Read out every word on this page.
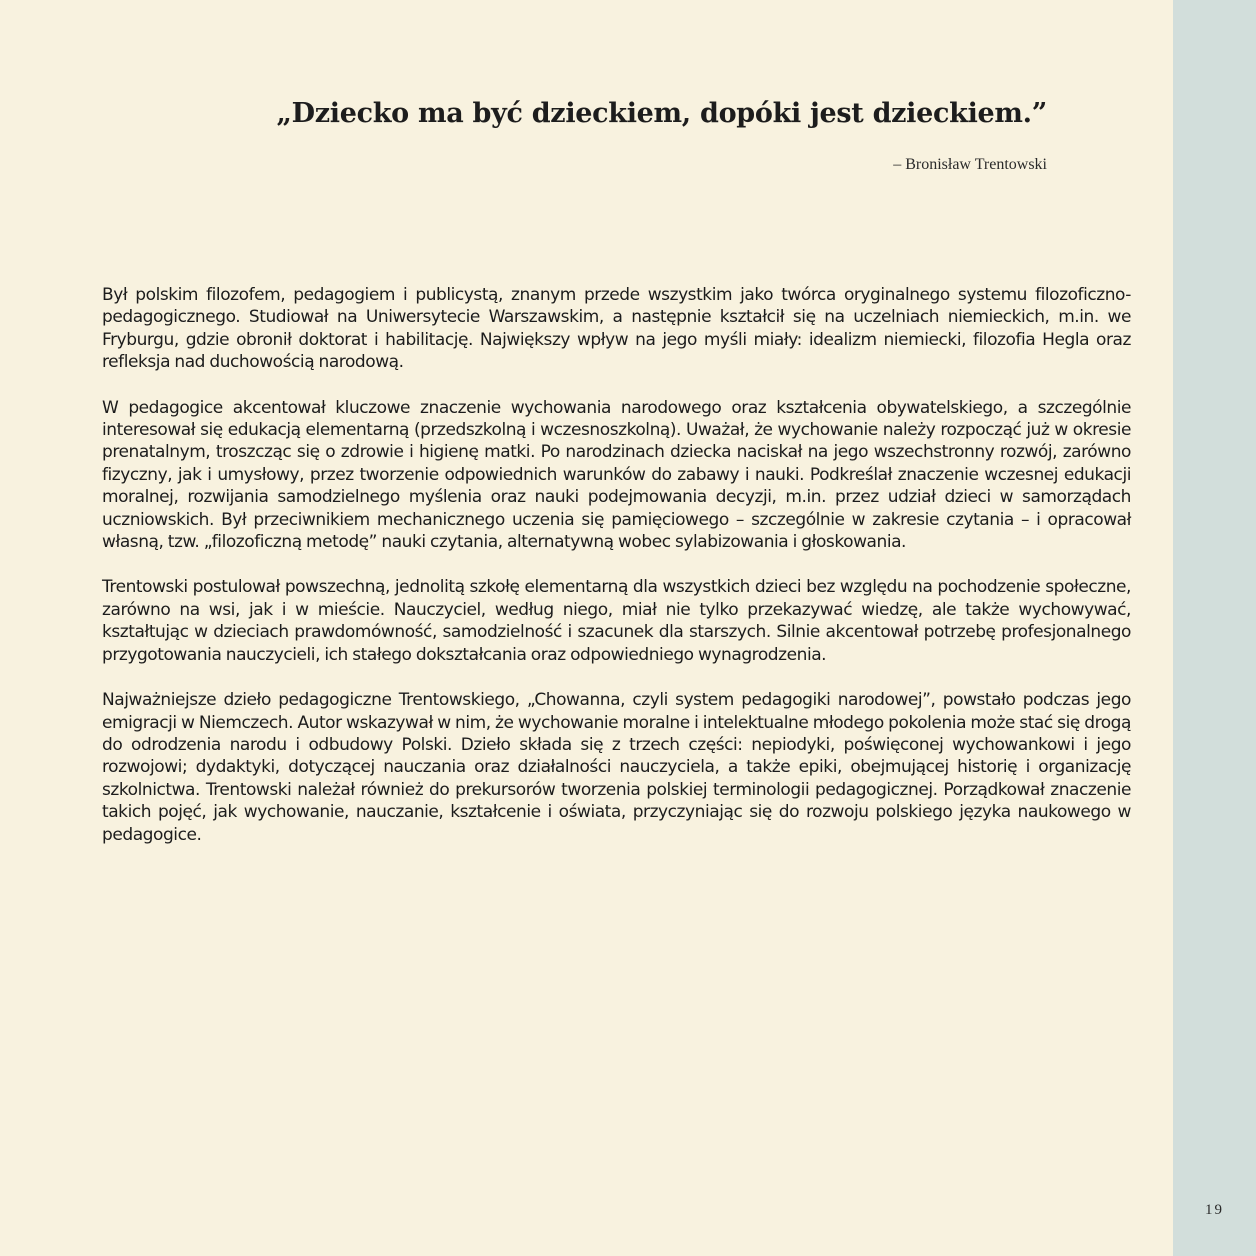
„Dziecko ma być dzieckiem, dopóki jest dzieckiem.”

– Bronisław Trentowski

Był polskim filozofem, pedagogiem i publicystą, znanym przede wszystkim jako twórca oryginalnego systemu filozoficzno-pedagogicznego. Studiował na Uniwersytecie Warszawskim, a następnie kształcił się na uczelniach niemieckich, m.in. we Fryburgu, gdzie obronił doktorat i habilitację. Największy wpływ na jego myśli miały: idealizm niemiecki, filozofia Hegla oraz refleksja nad duchowością narodową.

W pedagogice akcentował kluczowe znaczenie wychowania narodowego oraz kształcenia obywatelskiego, a szczególnie interesował się edukacją elementarną (przedszkolną i wczesnoszkolną). Uważał, że wychowanie należy rozpocząć już w okresie prenatalnym, troszcząc się o zdrowie i higienę matki. Po narodzinach dziecka naciskał na jego wszechstronny rozwój, zarówno fizyczny, jak i umysłowy, przez tworzenie odpowiednich warunków do zabawy i nauki. Podkreślał znaczenie wczesnej edukacji moralnej, rozwijania samodzielnego myślenia oraz nauki podejmowania decyzji, m.in. przez udział dzieci w samorządach uczniowskich. Był przeciwnikiem mechanicznego uczenia się pamięciowego – szczególnie w zakresie czytania – i opracował własną, tzw. „filozoficzną metodę” nauki czytania, alternatywną wobec sylabizowania i głoskowania.

Trentowski postulował powszechną, jednolitą szkołę elementarną dla wszystkich dzieci bez względu na pochodzenie społeczne, zarówno na wsi, jak i w mieście. Nauczyciel, według niego, miał nie tylko przekazywać wiedzę, ale także wychowywać, kształtując w dzieciach prawdomówność, samodzielność i szacunek dla starszych. Silnie akcentował potrzebę profesjonalnego przygotowania nauczycieli, ich stałego dokształcania oraz odpowiedniego wynagrodzenia.

Najważniejsze dzieło pedagogiczne Trentowskiego, „Chowanna, czyli system pedagogiki narodowej”, powstało podczas jego emigracji w Niemczech. Autor wskazywał w nim, że wychowanie moralne i intelektualne młodego pokolenia może stać się drogą do odrodzenia narodu i odbudowy Polski. Dzieło składa się z trzech części: nepiodyki, poświęconej wychowankowi i jego rozwojowi; dydaktyki, dotyczącej nauczania oraz działalności nauczyciela, a także epiki, obejmującej historię i organizację szkolnictwa. Trentowski należał również do prekursorów tworzenia polskiej terminologii pedagogicznej. Porządkował znaczenie takich pojęć, jak wychowanie, nauczanie, kształcenie i oświata, przyczyniając się do rozwoju polskiego języka naukowego w pedagogice.

19
